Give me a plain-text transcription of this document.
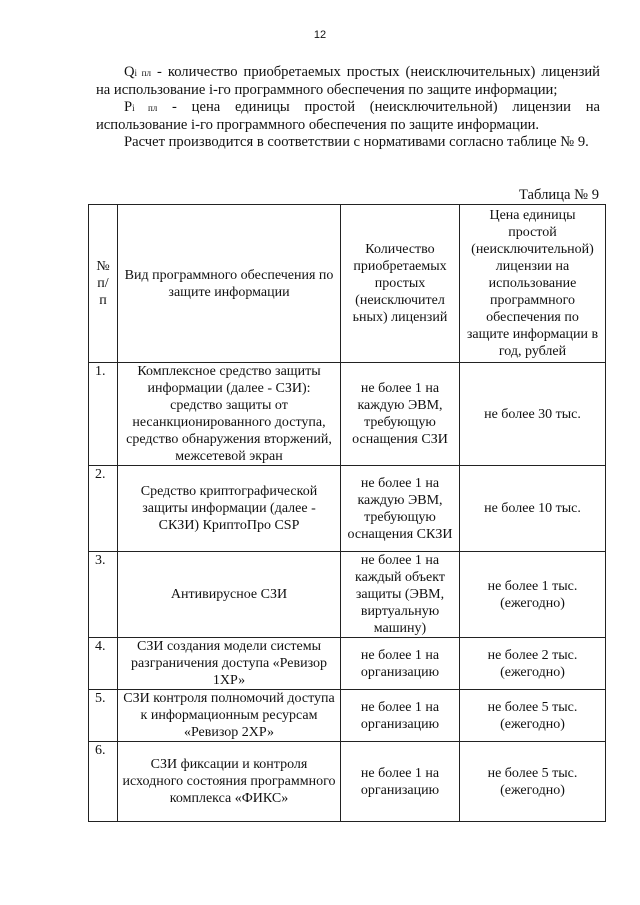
12

Qi пл - количество приобретаемых простых (неисключительных) лицензий на использование i-го программного обеспечения по защите информации;

Pi пл - цена единицы простой (неисключительной) лицензии на использование i-го программного обеспечения по защите информации.

Расчет производится в соответствии с нормативами согласно таблице № 9.

Таблица № 9
№ п/ п	Вид программного обеспечения по защите информации	Количество приобретаемых простых (неисключител ьных) лицензий	Цена единицы простой (неисключительной) лицензии на использование программного обеспечения по защите информации в год, рублей
1.	Комплексное средство защиты информации (далее - СЗИ): средство защиты от несанкционированного доступа, средство обнаружения вторжений, межсетевой экран	не более 1 на каждую ЭВМ, требующую оснащения СЗИ	не более 30 тыс.
2.	Средство криптографической защиты информации (далее - СКЗИ) КриптоПро CSP	не более 1 на каждую ЭВМ, требующую оснащения СКЗИ	не более 10 тыс.
3.	Антивирусное СЗИ	не более 1 на каждый объект защиты (ЭВМ, виртуальную машину)	не более 1 тыс. (ежегодно)
4.	СЗИ создания модели системы разграничения доступа «Ревизор 1ХР»	не более 1 на организацию	не более 2 тыс. (ежегодно)
5.	СЗИ контроля полномочий доступа к информационным ресурсам «Ревизор 2ХР»	не более 1 на организацию	не более 5 тыс. (ежегодно)
6.	СЗИ фиксации и контроля исходного состояния программного комплекса «ФИКС»	не более 1 на организацию	не более 5 тыс. (ежегодно)
